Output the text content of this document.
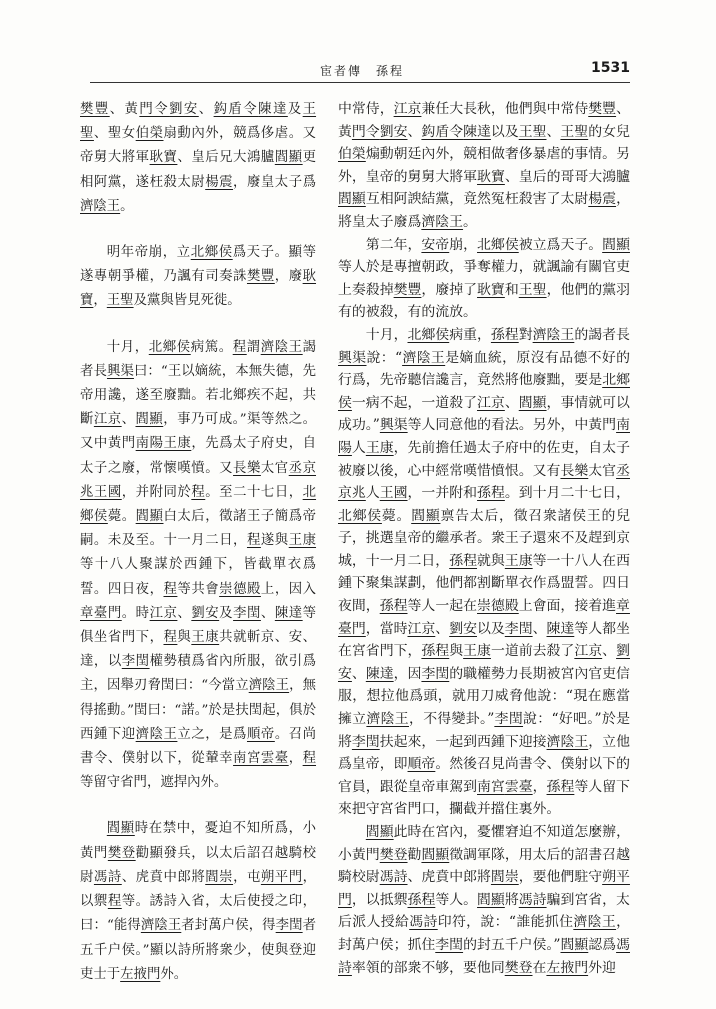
宦者傳　孫程	1531

樊豐、黃門令劉安、鈎盾令陳達及王聖、聖女伯榮扇動內外，競爲侈虐。又帝舅大將軍耿寶、皇后兄大鴻臚閻顯更相阿黨，遂枉殺太尉楊震，廢皇太子爲濟陰王。

明年帝崩，立北鄉侯爲天子。顯等遂專朝爭權，乃諷有司奏誅樊豐，廢耿寶，王聖及黨與皆見死徙。

十月，北鄉侯病篤。程謂濟陰王謁者長興渠曰：“王以嫡統，本無失德，先帝用讒，遂至廢黜。若北鄉疾不起，共斷江京、閻顯，事乃可成。”渠等然之。又中黃門南陽王康，先爲太子府史，自太子之廢，常懷嘆憤。又長樂太官丞京兆王國，并附同於程。至二十七日，北鄉侯薨。閻顯白太后，徵諸王子簡爲帝嗣。未及至。十一月二日，程遂與王康等十八人聚謀於西鍾下，皆截單衣爲誓。四日夜，程等共會崇德殿上，因入章臺門。時江京、劉安及李閏、陳達等俱坐省門下，程與王康共就斬京、安、達，以李閏權勢積爲省內所服，欲引爲主，因舉刃脅閏曰：“今當立濟陰王，無得搖動。”閏曰：“諾。”於是扶閏起，俱於西鍾下迎濟陰王立之，是爲順帝。召尚書令、僕射以下，從輦幸南宮雲臺，程等留守省門，遮捍內外。

閻顯時在禁中，憂迫不知所爲，小黃門樊登勸顯發兵，以太后詔召越騎校尉馮詩、虎賁中郎將閻崇，屯朔平門，以禦程等。誘詩入省，太后使授之印，曰：“能得濟陰王者封萬户侯，得李閏者五千户侯。”顯以詩所將衆少，使與登迎吏士于左掖門外。

中常侍，江京兼任大長秋，他們與中常侍樊豐、黃門令劉安、鈎盾令陳達以及王聖、王聖的女兒伯榮煽動朝廷內外，競相做奢侈暴虐的事情。另外，皇帝的舅舅大將軍耿寶、皇后的哥哥大鴻臚閻顯互相阿諛結黨，竟然冤枉殺害了太尉楊震，將皇太子廢爲濟陰王。

第二年，安帝崩，北鄉侯被立爲天子。閻顯等人於是專擅朝政，爭奪權力，就諷諭有關官吏上奏殺掉樊豐，廢掉了耿寶和王聖，他們的黨羽有的被殺，有的流放。

十月，北鄉侯病重，孫程對濟陰王的謁者長興渠說：“濟陰王是嫡血統，原沒有品德不好的行爲，先帝聽信讒言，竟然將他廢黜，要是北鄉侯一病不起，一道殺了江京、閻顯，事情就可以成功。”興渠等人同意他的看法。另外，中黃門南陽人王康，先前擔任過太子府中的佐吏，自太子被廢以後，心中經常嘆惜憤恨。又有長樂太官丞京兆人王國，一并附和孫程。到十月二十七日，北鄉侯薨。閻顯禀告太后，徵召衆諸侯王的兒子，挑選皇帝的繼承者。衆王子還來不及趕到京城，十一月二日，孫程就與王康等一十八人在西鍾下聚集謀劃，他們都割斷單衣作爲盟誓。四日夜間，孫程等人一起在崇德殿上會面，接着進章臺門，當時江京、劉安以及李閏、陳達等人都坐在宮省門下，孫程與王康一道前去殺了江京、劉安、陳達，因李閏的職權勢力長期被宮內官吏信服，想拉他爲頭，就用刀威脅他說：“現在應當擁立濟陰王，不得變卦。”李閏說：“好吧。”於是將李閏扶起來，一起到西鍾下迎接濟陰王，立他爲皇帝，即順帝。然後召見尚書令、僕射以下的官員，跟從皇帝車駕到南宮雲臺，孫程等人留下來把守宮省門口，攔截并擋住裏外。

閻顯此時在宮內，憂懼窘迫不知道怎麼辦，小黃門樊登勸閻顯徵調軍隊，用太后的詔書召越騎校尉馮詩、虎賁中郎將閻崇，要他們駐守朔平門，以抵禦孫程等人。閻顯將馮詩騙到宮省，太后派人授給馮詩印符，說：“誰能抓住濟陰王，封萬户侯；抓住李閏的封五千户侯。”閻顯認爲馮詩率領的部衆不够，要他同樊登在左掖門外迎
